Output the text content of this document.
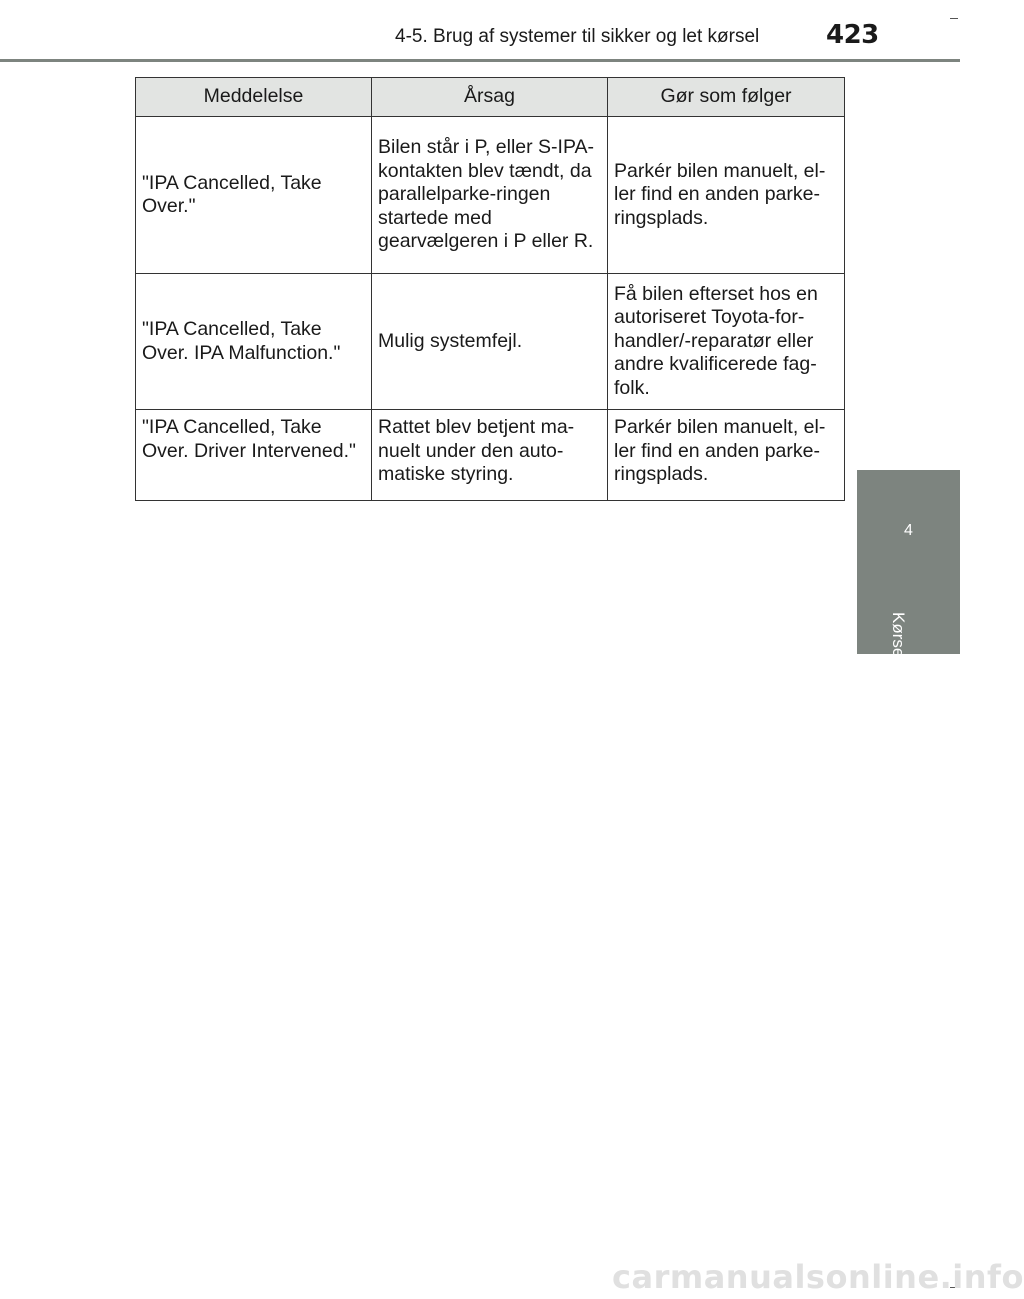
4-5. Brug af systemer til sikker og let kørsel	423
4
Kørsel
Meddelelse	Årsag	Gør som følger
"IPA Cancelled, Take Over."	Bilen står i P, eller S-IPA-kontakten blev tændt, da parallelparke-ringen startede med gearvælgeren i P eller R.	Parkér bilen manuelt, el-ler find en anden parke-ringsplads.
"IPA Cancelled, Take Over. IPA Malfunction."	Mulig systemfejl.	Få bilen efterset hos en autoriseret Toyota-for-handler/-reparatør eller andre kvalificerede fag-folk.
"IPA Cancelled, Take Over. Driver Intervened."	Rattet blev betjent ma-nuelt under den auto-matiske styring.	Parkér bilen manuelt, el-ler find en anden parke-ringsplads.
carmanualsonline.info
